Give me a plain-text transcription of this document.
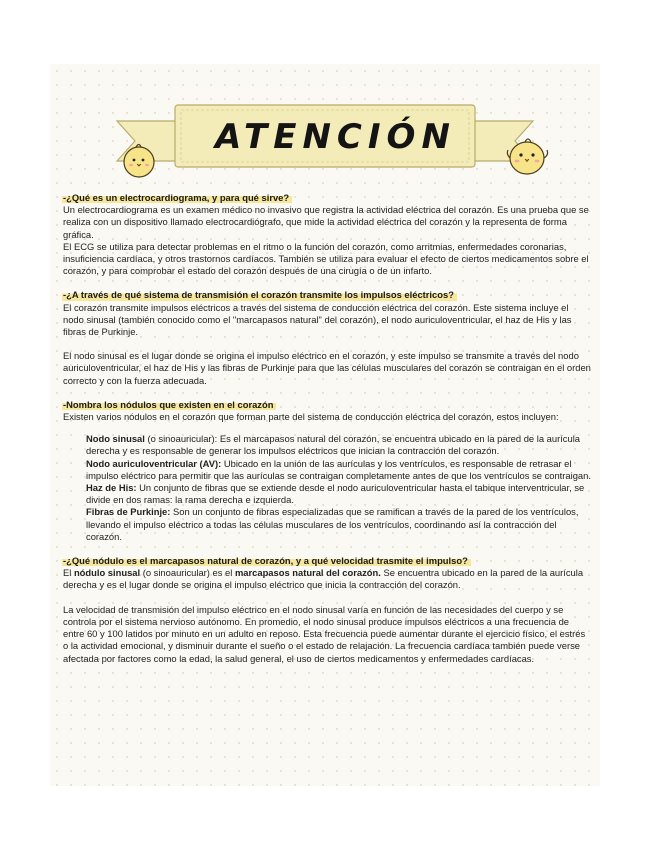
ATENCIÓN
-¿Qué es un electrocardiograma, y para qué sirve?

Un electrocardiograma es un examen médico no invasivo que registra la actividad eléctrica del corazón. Es una prueba que se realiza con un dispositivo llamado electrocardiógrafo, que mide la actividad eléctrica del corazón y la representa de forma gráfica.

El ECG se utiliza para detectar problemas en el ritmo o la función del corazón, como arritmias, enfermedades coronarias, insuficiencia cardíaca, y otros trastornos cardíacos. También se utiliza para evaluar el efecto de ciertos medicamentos sobre el corazón, y para comprobar el estado del corazón después de una cirugía o de un infarto.

-¿A través de qué sistema de transmisión el corazón transmite los impulsos eléctricos?

El corazón transmite impulsos eléctricos a través del sistema de conducción eléctrica del corazón. Este sistema incluye el nodo sinusal (también conocido como el "marcapasos natural" del corazón), el nodo auriculoventricular, el haz de His y las fibras de Purkinje.

El nodo sinusal es el lugar donde se origina el impulso eléctrico en el corazón, y este impulso se transmite a través del nodo auriculoventricular, el haz de His y las fibras de Purkinje para que las células musculares del corazón se contraigan en el orden correcto y con la fuerza adecuada.

-Nombra los nódulos que existen en el corazón

Existen varios nódulos en el corazón que forman parte del sistema de conducción eléctrica del corazón, estos incluyen:

Nodo sinusal (o sinoauricular): Es el marcapasos natural del corazón, se encuentra ubicado en la pared de la aurícula derecha y es responsable de generar los impulsos eléctricos que inician la contracción del corazón.

Nodo auriculoventricular (AV): Ubicado en la unión de las aurículas y los ventrículos, es responsable de retrasar el impulso eléctrico para permitir que las aurículas se contraigan completamente antes de que los ventrículos se contraigan.

Haz de His: Un conjunto de fibras que se extiende desde el nodo auriculoventricular hasta el tabique interventricular, se divide en dos ramas: la rama derecha e izquierda.

Fibras de Purkinje: Son un conjunto de fibras especializadas que se ramifican a través de la pared de los ventrículos, llevando el impulso eléctrico a todas las células musculares de los ventrículos, coordinando así la contracción del corazón.

-¿Qué nódulo es el marcapasos natural de corazón, y a qué velocidad trasmite el impulso?

El nódulo sinusal (o sinoauricular) es el marcapasos natural del corazón. Se encuentra ubicado en la pared de la aurícula derecha y es el lugar donde se origina el impulso eléctrico que inicia la contracción del corazón.

La velocidad de transmisión del impulso eléctrico en el nodo sinusal varía en función de las necesidades del cuerpo y se controla por el sistema nervioso autónomo. En promedio, el nodo sinusal produce impulsos eléctricos a una frecuencia de entre 60 y 100 latidos por minuto en un adulto en reposo. Esta frecuencia puede aumentar durante el ejercicio físico, el estrés o la actividad emocional, y disminuir durante el sueño o el estado de relajación. La frecuencia cardíaca también puede verse afectada por factores como la edad, la salud general, el uso de ciertos medicamentos y enfermedades cardíacas.
